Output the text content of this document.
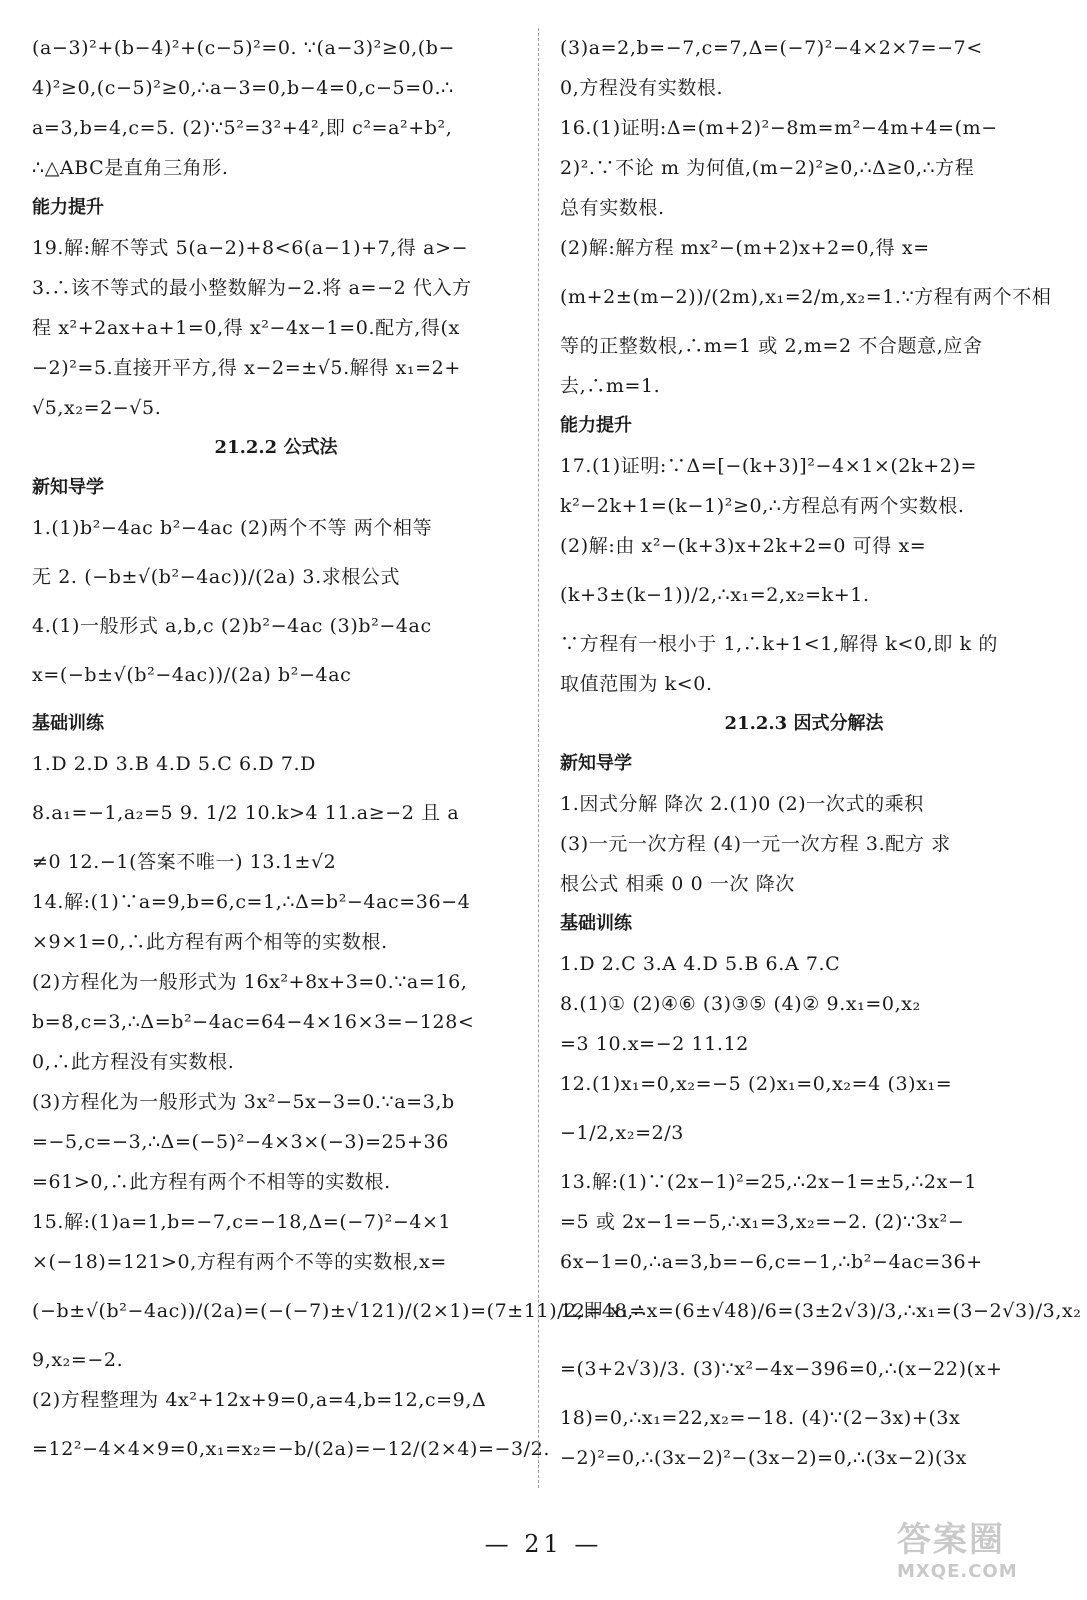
(a−3)²+(b−4)²+(c−5)²=0. ∵(a−3)²≥0,(b−
4)²≥0,(c−5)²≥0,∴a−3=0,b−4=0,c−5=0.∴
a=3,b=4,c=5. (2)∵5²=3²+4²,即 c²=a²+b²,
∴△ABC是直角三角形.
能力提升
19.解:解不等式 5(a−2)+8<6(a−1)+7,得 a>−
3.∴该不等式的最小整数解为−2.将 a=−2 代入方
程 x²+2ax+a+1=0,得 x²−4x−1=0.配方,得(x
−2)²=5.直接开平方,得 x−2=±√5.解得 x₁=2+
√5,x₂=2−√5.
21.2.2 公式法
新知导学
1.(1)b²−4ac b²−4ac (2)两个不等 两个相等
无 2. (−b±√(b²−4ac))/(2a) 3.求根公式
4.(1)一般形式 a,b,c (2)b²−4ac (3)b²−4ac
x=(−b±√(b²−4ac))/(2a) b²−4ac
基础训练
1.D 2.D 3.B 4.D 5.C 6.D 7.D
8.a₁=−1,a₂=5 9. 1/2 10.k>4 11.a≥−2 且 a
≠0 12.−1(答案不唯一) 13.1±√2
14.解:(1)∵a=9,b=6,c=1,∴Δ=b²−4ac=36−4
×9×1=0,∴此方程有两个相等的实数根.
(2)方程化为一般形式为 16x²+8x+3=0.∵a=16,
b=8,c=3,∴Δ=b²−4ac=64−4×16×3=−128<
0,∴此方程没有实数根.
(3)方程化为一般形式为 3x²−5x−3=0.∵a=3,b
=−5,c=−3,∴Δ=(−5)²−4×3×(−3)=25+36
=61>0,∴此方程有两个不相等的实数根.
15.解:(1)a=1,b=−7,c=−18,Δ=(−7)²−4×1
×(−18)=121>0,方程有两个不等的实数根,x=
(−b±√(b²−4ac))/(2a)=(−(−7)±√121)/(2×1)=(7±11)/2,即 x₁=
9,x₂=−2.
(2)方程整理为 4x²+12x+9=0,a=4,b=12,c=9,Δ
=12²−4×4×9=0,x₁=x₂=−b/(2a)=−12/(2×4)=−3/2.
(3)a=2,b=−7,c=7,Δ=(−7)²−4×2×7=−7<
0,方程没有实数根.
16.(1)证明:Δ=(m+2)²−8m=m²−4m+4=(m−
2)².∵不论 m 为何值,(m−2)²≥0,∴Δ≥0,∴方程
总有实数根.
(2)解:解方程 mx²−(m+2)x+2=0,得 x=
(m+2±(m−2))/(2m),x₁=2/m,x₂=1.∵方程有两个不相
等的正整数根,∴m=1 或 2,m=2 不合题意,应舍
去,∴m=1.
能力提升
17.(1)证明:∵Δ=[−(k+3)]²−4×1×(2k+2)=
k²−2k+1=(k−1)²≥0,∴方程总有两个实数根.
(2)解:由 x²−(k+3)x+2k+2=0 可得 x=
(k+3±(k−1))/2,∴x₁=2,x₂=k+1.
∵方程有一根小于 1,∴k+1<1,解得 k<0,即 k 的
取值范围为 k<0.
21.2.3 因式分解法
新知导学
1.因式分解 降次 2.(1)0 (2)一次式的乘积
(3)一元一次方程 (4)一元一次方程 3.配方 求
根公式 相乘 0 0 一次 降次
基础训练
1.D 2.C 3.A 4.D 5.B 6.A 7.C
8.(1)① (2)④⑥ (3)③⑤ (4)② 9.x₁=0,x₂
=3 10.x=−2 11.12
12.(1)x₁=0,x₂=−5 (2)x₁=0,x₂=4 (3)x₁=
−1/2,x₂=2/3
13.解:(1)∵(2x−1)²=25,∴2x−1=±5,∴2x−1
=5 或 2x−1=−5,∴x₁=3,x₂=−2. (2)∵3x²−
6x−1=0,∴a=3,b=−6,c=−1,∴b²−4ac=36+
12=48,∴x=(6±√48)/6=(3±2√3)/3,∴x₁=(3−2√3)/3,x₂
=(3+2√3)/3. (3)∵x²−4x−396=0,∴(x−22)(x+
18)=0,∴x₁=22,x₂=−18. (4)∵(2−3x)+(3x
−2)²=0,∴(3x−2)²−(3x−2)=0,∴(3x−2)(3x
— 21 —	答案圈
MXQE.COM
